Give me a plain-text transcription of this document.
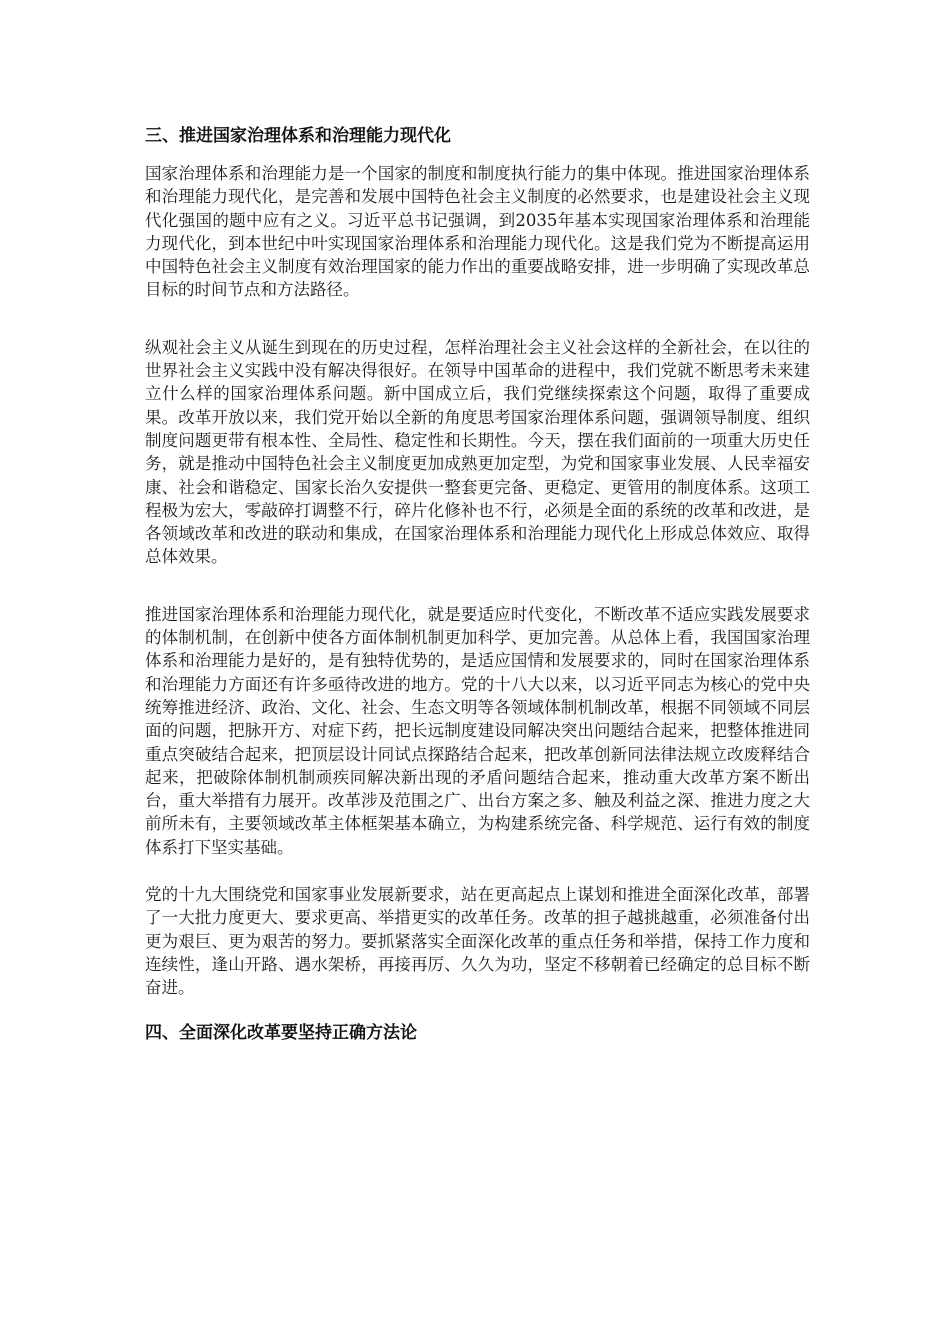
三、推进国家治理体系和治理能力现代化

国家治理体系和治理能力是一个国家的制度和制度执行能力的集中体现。推进国家治理体系和治理能力现代化，是完善和发展中国特色社会主义制度的必然要求，也是建设社会主义现代化强国的题中应有之义。习近平总书记强调，到2035年基本实现国家治理体系和治理能力现代化，到本世纪中叶实现国家治理体系和治理能力现代化。这是我们党为不断提高运用中国特色社会主义制度有效治理国家的能力作出的重要战略安排，进一步明确了实现改革总目标的时间节点和方法路径。

纵观社会主义从诞生到现在的历史过程，怎样治理社会主义社会这样的全新社会，在以往的世界社会主义实践中没有解决得很好。在领导中国革命的进程中，我们党就不断思考未来建立什么样的国家治理体系问题。新中国成立后，我们党继续探索这个问题，取得了重要成果。改革开放以来，我们党开始以全新的角度思考国家治理体系问题，强调领导制度、组织制度问题更带有根本性、全局性、稳定性和长期性。今天，摆在我们面前的一项重大历史任务，就是推动中国特色社会主义制度更加成熟更加定型，为党和国家事业发展、人民幸福安康、社会和谐稳定、国家长治久安提供一整套更完备、更稳定、更管用的制度体系。这项工程极为宏大，零敲碎打调整不行，碎片化修补也不行，必须是全面的系统的改革和改进，是各领域改革和改进的联动和集成，在国家治理体系和治理能力现代化上形成总体效应、取得总体效果。

推进国家治理体系和治理能力现代化，就是要适应时代变化，不断改革不适应实践发展要求的体制机制，在创新中使各方面体制机制更加科学、更加完善。从总体上看，我国国家治理体系和治理能力是好的，是有独特优势的，是适应国情和发展要求的，同时在国家治理体系和治理能力方面还有许多亟待改进的地方。党的十八大以来，以习近平同志为核心的党中央统筹推进经济、政治、文化、社会、生态文明等各领域体制机制改革，根据不同领域不同层面的问题，把脉开方、对症下药，把长远制度建设同解决突出问题结合起来，把整体推进同重点突破结合起来，把顶层设计同试点探路结合起来，把改革创新同法律法规立改废释结合起来，把破除体制机制顽疾同解决新出现的矛盾问题结合起来，推动重大改革方案不断出台，重大举措有力展开。改革涉及范围之广、出台方案之多、触及利益之深、推进力度之大前所未有，主要领域改革主体框架基本确立，为构建系统完备、科学规范、运行有效的制度体系打下坚实基础。

党的十九大围绕党和国家事业发展新要求，站在更高起点上谋划和推进全面深化改革，部署了一大批力度更大、要求更高、举措更实的改革任务。改革的担子越挑越重，必须准备付出更为艰巨、更为艰苦的努力。要抓紧落实全面深化改革的重点任务和举措，保持工作力度和连续性，逢山开路、遇水架桥，再接再厉、久久为功，坚定不移朝着已经确定的总目标不断奋进。

四、全面深化改革要坚持正确方法论
